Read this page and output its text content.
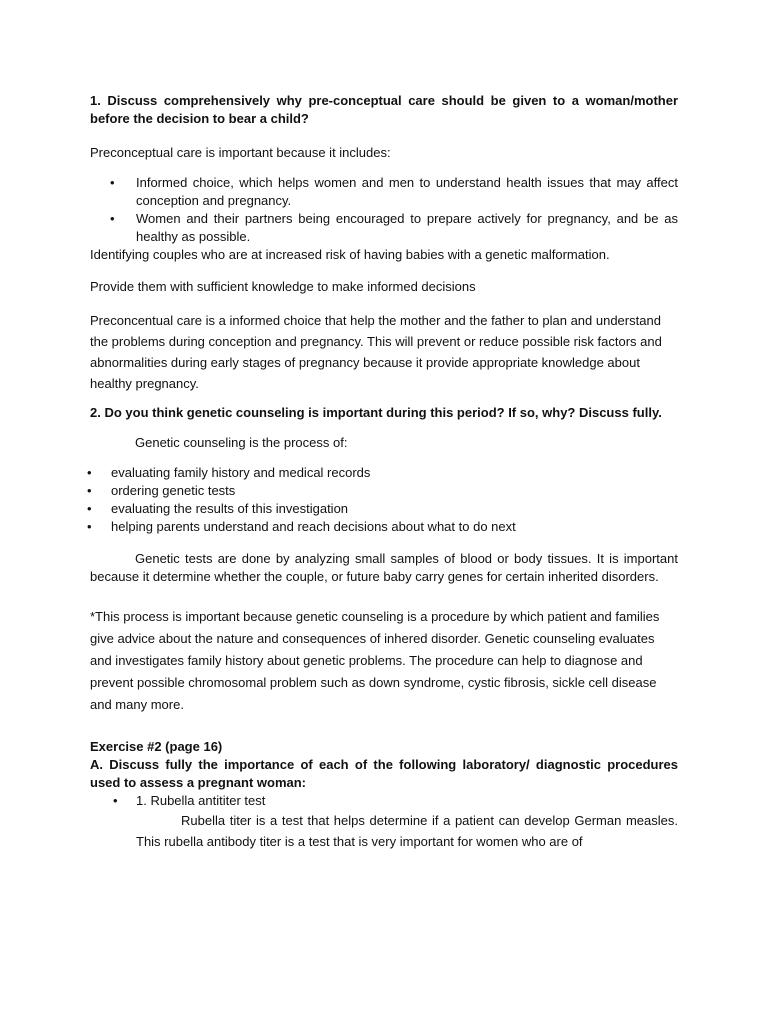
1. Discuss comprehensively why pre-conceptual care should be given to a woman/mother before the decision to bear a child?

Preconceptual care is important because it includes:

• Informed choice, which helps women and men to understand health issues that may affect conception and pregnancy.
• Women and their partners being encouraged to prepare actively for pregnancy, and be as healthy as possible.

Identifying couples who are at increased risk of having babies with a genetic malformation.

Provide them with sufficient knowledge to make informed decisions

Preconcentual care is a informed choice that help the mother and the father to plan and understand the problems during conception and pregnancy. This will prevent or reduce possible risk factors and abnormalities during early stages of pregnancy because it provide appropriate knowledge about healthy pregnancy.

2. Do you think genetic counseling is important during this period? If so, why? Discuss fully.

Genetic counseling is the process of:

• evaluating family history and medical records
• ordering genetic tests
• evaluating the results of this investigation
• helping parents understand and reach decisions about what to do next

Genetic tests are done by analyzing small samples of blood or body tissues. It is important because it determine whether the couple, or future baby carry genes for certain inherited disorders.

*This process is important because genetic counseling is a procedure by which patient and families give advice about the nature and consequences of inhered disorder. Genetic counseling evaluates and investigates family history about genetic problems. The procedure can help to diagnose and prevent possible chromosomal problem such as down syndrome, cystic fibrosis, sickle cell disease and many more.

Exercise #2 (page 16)

A. Discuss fully the importance of each of the following laboratory/ diagnostic procedures used to assess a pregnant woman:

• 1. Rubella antititer test

Rubella titer is a test that helps determine if a patient can develop German measles. This rubella antibody titer is a test that is very important for women who are of
